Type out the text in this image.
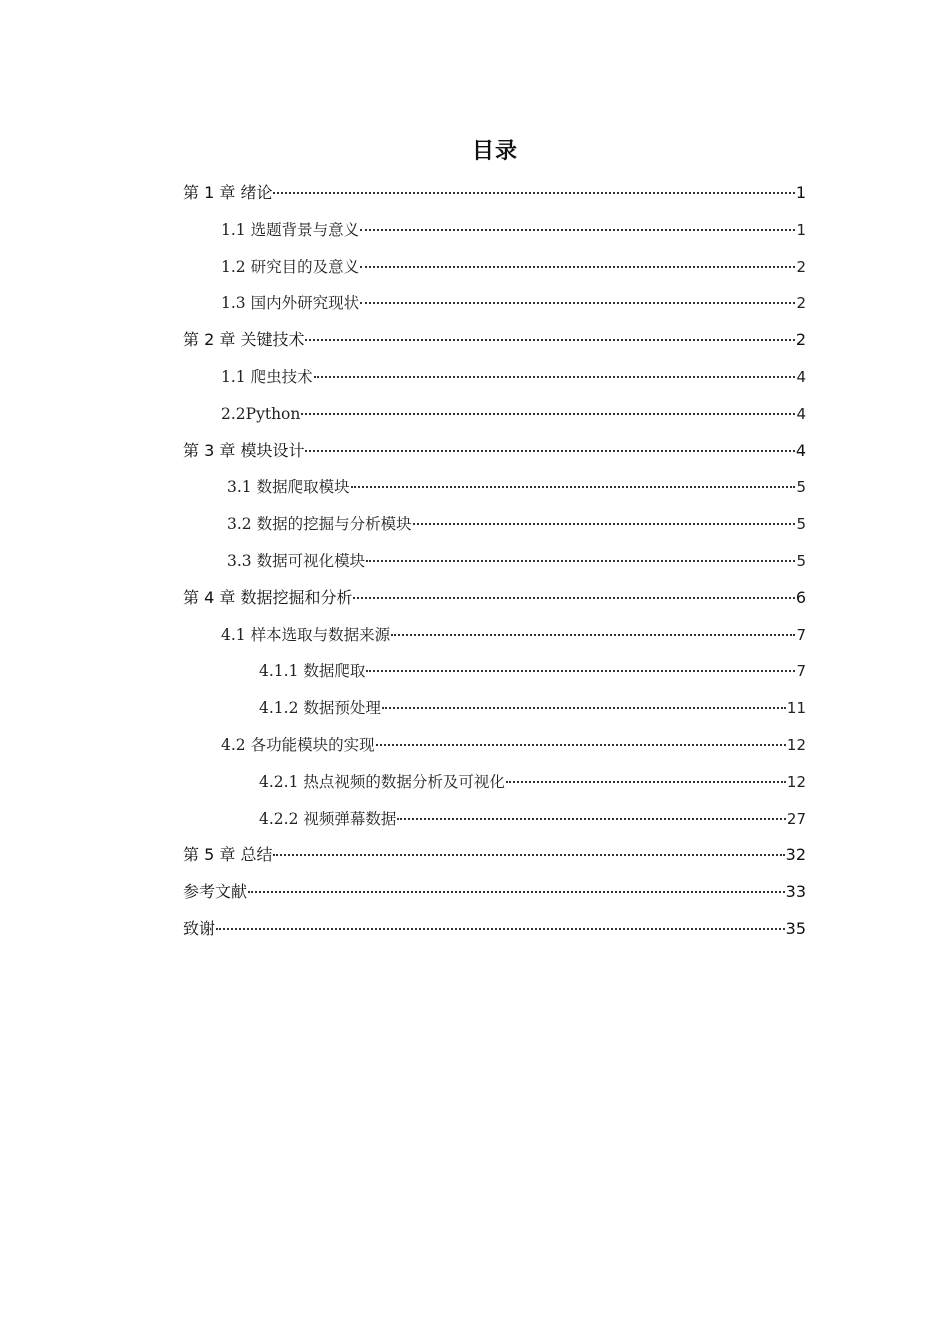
目录
第 1 章 绪论	1
1.1 选题背景与意义	1
1.2 研究目的及意义	2
1.3 国内外研究现状	2
第 2 章 关键技术	2
1.1 爬虫技术	4
2.2Python	4
第 3 章 模块设计	4
3.1 数据爬取模块	5
3.2 数据的挖掘与分析模块	5
3.3 数据可视化模块	5
第 4 章 数据挖掘和分析	6
4.1 样本选取与数据来源	7
4.1.1 数据爬取	7
4.1.2 数据预处理	11
4.2 各功能模块的实现	12
4.2.1 热点视频的数据分析及可视化	12
4.2.2 视频弹幕数据	27
第 5 章 总结	32
参考文献	33
致谢	35
